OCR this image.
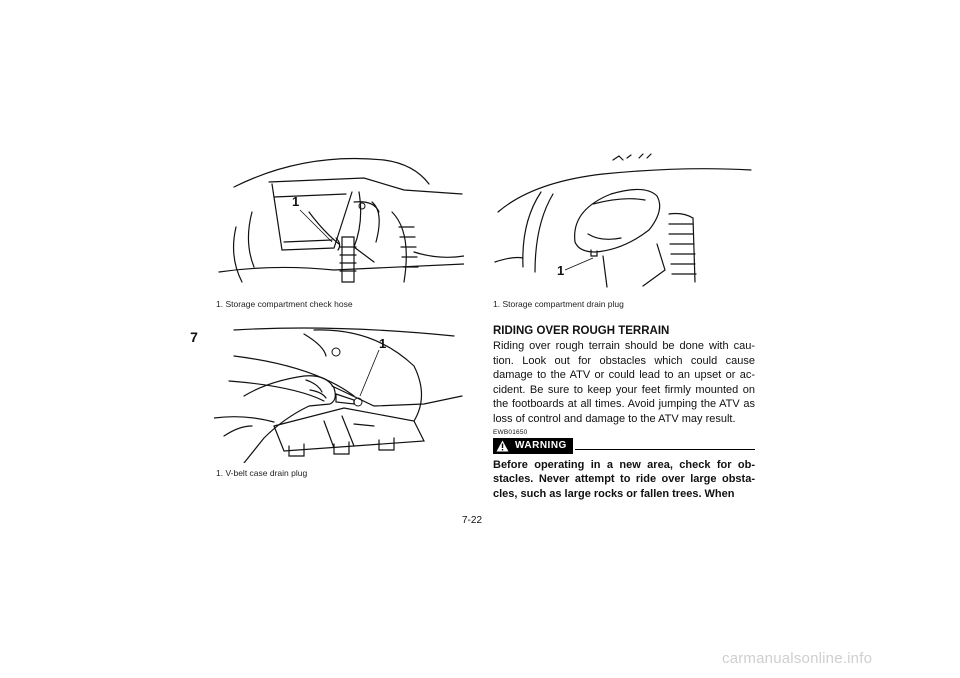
7
1
1. Storage compartment check hose
1
1. V-belt case drain plug
1
1. Storage compartment drain plug
RIDING OVER ROUGH TERRAIN

Riding over rough terrain should be done with caution. Look out for obstacles which could cause damage to the ATV or could lead to an upset or accident. Be sure to keep your feet firmly mounted on the footboards at all times. Avoid jumping the ATV as loss of control and damage to the ATV may result.

EWB01650
WARNING

Before operating in a new area, check for obstacles. Never attempt to ride over large obstacles, such as large rocks or fallen trees. When

7-22
carmanualsonline.info
